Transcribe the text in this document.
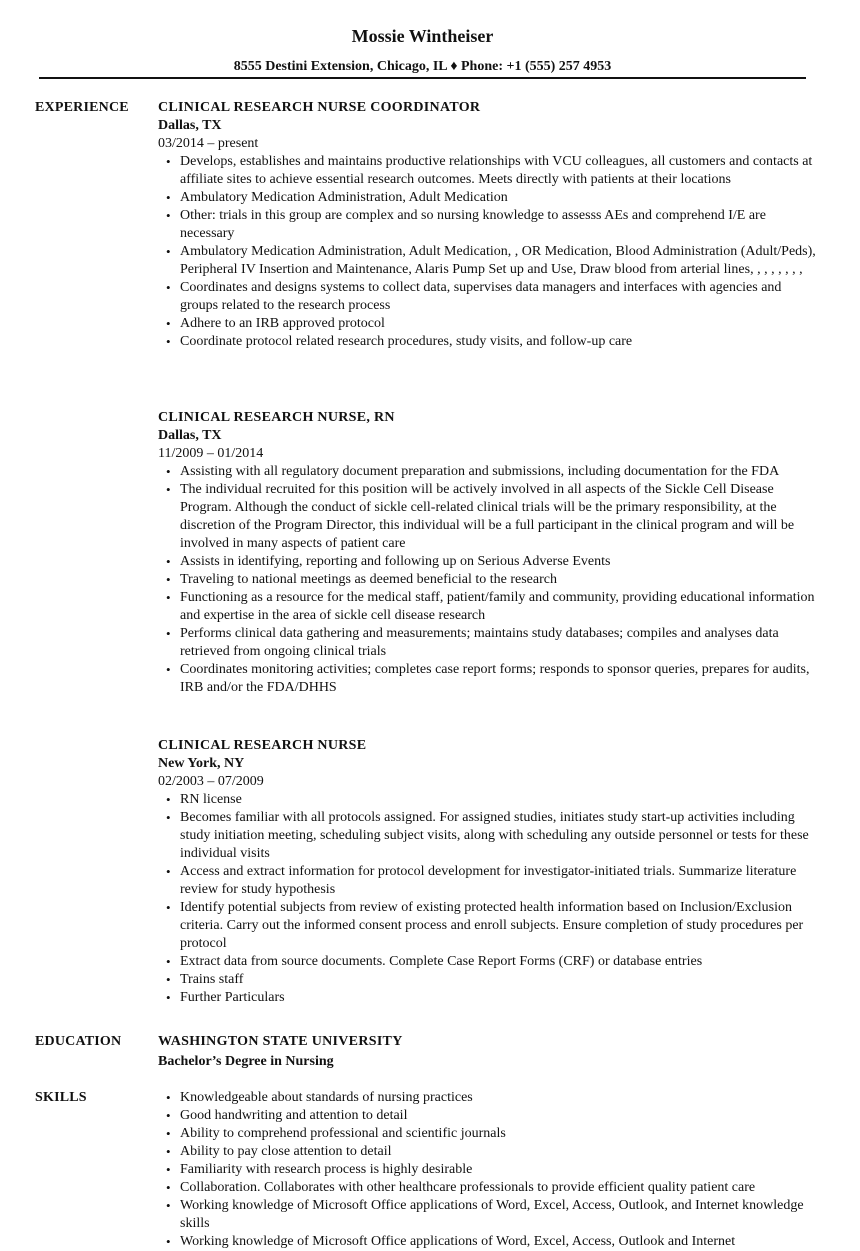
Mossie Wintheiser
8555 Destini Extension, Chicago, IL ♦ Phone: +1 (555) 257 4953
EXPERIENCE CLINICAL RESEARCH NURSE COORDINATOR
Dallas, TX
03/2014 – present
• Develops, establishes and maintains productive relationships with VCU colleagues, all customers and contacts at affiliate sites to achieve essential research outcomes. Meets directly with patients at their locations
• Ambulatory Medication Administration, Adult Medication
• Other: trials in this group are complex and so nursing knowledge to assesss AEs and comprehend I/E are necessary
• Ambulatory Medication Administration, Adult Medication, , OR Medication, Blood Administration (Adult/Peds), Peripheral IV Insertion and Maintenance, Alaris Pump Set up and Use, Draw blood from arterial lines, , , , , , , ,
• Coordinates and designs systems to collect data, supervises data managers and interfaces with agencies and groups related to the research process
• Adhere to an IRB approved protocol
• Coordinate protocol related research procedures, study visits, and follow-up care
CLINICAL RESEARCH NURSE, RN
Dallas, TX
11/2009 – 01/2014
• Assisting with all regulatory document preparation and submissions, including documentation for the FDA
• The individual recruited for this position will be actively involved in all aspects of the Sickle Cell Disease Program. Although the conduct of sickle cell-related clinical trials will be the primary responsibility, at the discretion of the Program Director, this individual will be a full participant in the clinical program and will be involved in many aspects of patient care
• Assists in identifying, reporting and following up on Serious Adverse Events
• Traveling to national meetings as deemed beneficial to the research
• Functioning as a resource for the medical staff, patient/family and community, providing educational information and expertise in the area of sickle cell disease research
• Performs clinical data gathering and measurements; maintains study databases; compiles and analyses data retrieved from ongoing clinical trials
• Coordinates monitoring activities; completes case report forms; responds to sponsor queries, prepares for audits, IRB and/or the FDA/DHHS
CLINICAL RESEARCH NURSE
New York, NY
02/2003 – 07/2009
• RN license
• Becomes familiar with all protocols assigned. For assigned studies, initiates study start-up activities including study initiation meeting, scheduling subject visits, along with scheduling any outside personnel or tests for these individual visits
• Access and extract information for protocol development for investigator-initiated trials. Summarize literature review for study hypothesis
• Identify potential subjects from review of existing protected health information based on Inclusion/Exclusion criteria. Carry out the informed consent process and enroll subjects. Ensure completion of study procedures per protocol
• Extract data from source documents. Complete Case Report Forms (CRF) or database entries
• Trains staff
• Further Particulars
EDUCATION	WASHINGTON STATE UNIVERSITY
Bachelor’s Degree in Nursing
SKILLS	• Knowledgeable about standards of nursing practices
• Good handwriting and attention to detail
• Ability to comprehend professional and scientific journals
• Ability to pay close attention to detail
• Familiarity with research process is highly desirable
• Collaboration. Collaborates with other healthcare professionals to provide efficient quality patient care
• Working knowledge of Microsoft Office applications of Word, Excel, Access, Outlook, and Internet knowledge skills
• Working knowledge of Microsoft Office applications of Word, Excel, Access, Outlook and Internet
